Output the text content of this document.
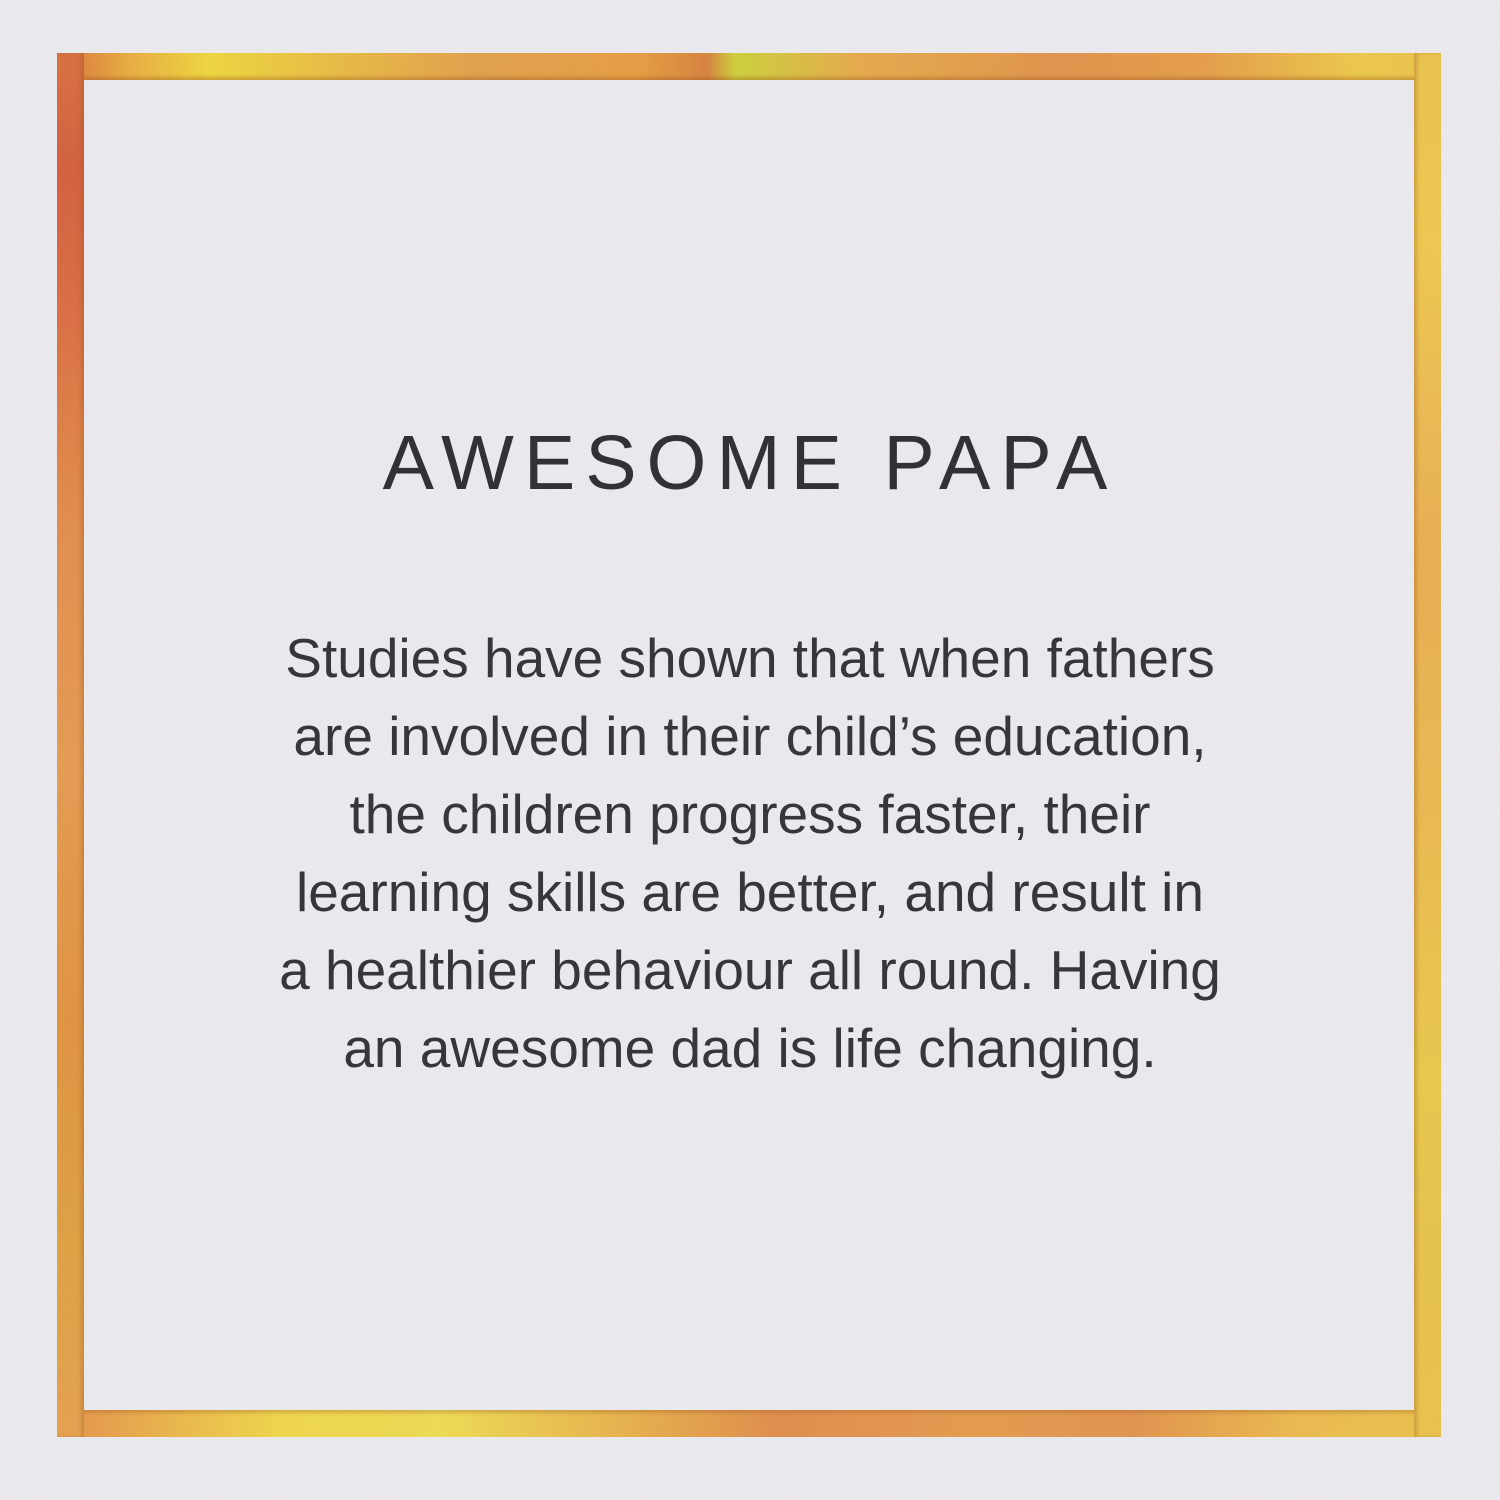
AWESOME PAPA
Studies have shown that when fathers
are involved in their child’s education,
the children progress faster, their
learning skills are better, and result in
a healthier behaviour all round. Having
an awesome dad is life changing.
